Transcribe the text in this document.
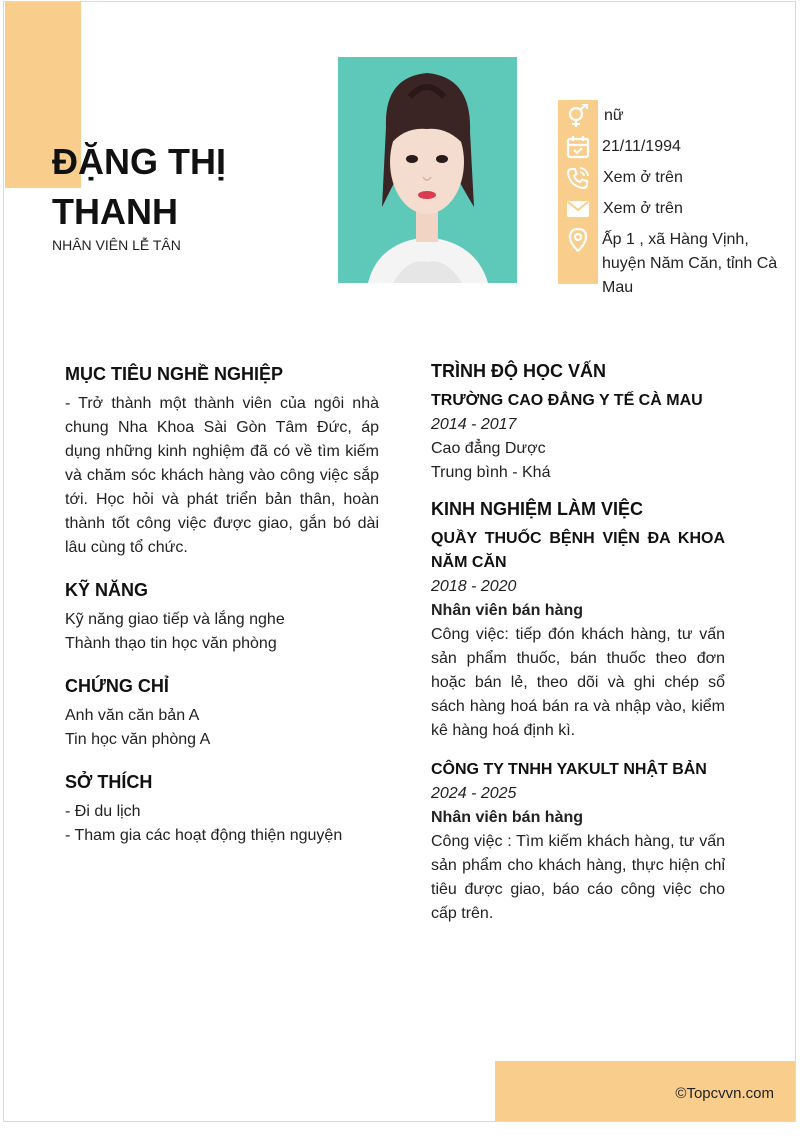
ĐẶNG THỊ THANH
NHÂN VIÊN LỄ TÂN
nữ
21/11/1994
Xem ở trên
Xem ở trên
Ấp 1 , xã Hàng Vịnh, huyện Năm Căn, tỉnh Cà Mau
MỤC TIÊU NGHỀ NGHIỆP

- Trở thành một thành viên của ngôi nhà chung Nha Khoa Sài Gòn Tâm Đức, áp dụng những kinh nghiệm đã có về tìm kiếm và chăm sóc khách hàng vào công việc sắp tới. Học hỏi và phát triển bản thân, hoàn thành tốt công việc được giao, gắn bó dài lâu cùng tổ chức.

KỸ NĂNG

Kỹ năng giao tiếp và lắng nghe

Thành thạo tin học văn phòng

CHỨNG CHỈ

Anh văn căn bản A

Tin học văn phòng A

SỞ THÍCH

- Đi du lịch

- Tham gia các hoạt động thiện nguyện

TRÌNH ĐỘ HỌC VẤN

TRƯỜNG CAO ĐẲNG Y TẾ CÀ MAU

2014 - 2017

Cao đẳng Dược

Trung bình - Khá

KINH NGHIỆM LÀM VIỆC

QUẦY THUỐC BỆNH VIỆN ĐA KHOA NĂM CĂN

2018 - 2020

Nhân viên bán hàng

Công việc: tiếp đón khách hàng, tư vấn sản phẩm thuốc, bán thuốc theo đơn hoặc bán lẻ, theo dõi và ghi chép sổ sách hàng hoá bán ra và nhập vào, kiểm kê hàng hoá định kì.

CÔNG TY TNHH YAKULT NHẬT BẢN

2024 - 2025

Nhân viên bán hàng

Công việc : Tìm kiếm khách hàng, tư vấn sản phẩm cho khách hàng, thực hiện chỉ tiêu được giao, báo cáo công việc cho cấp trên.

©Topcvvn.com
